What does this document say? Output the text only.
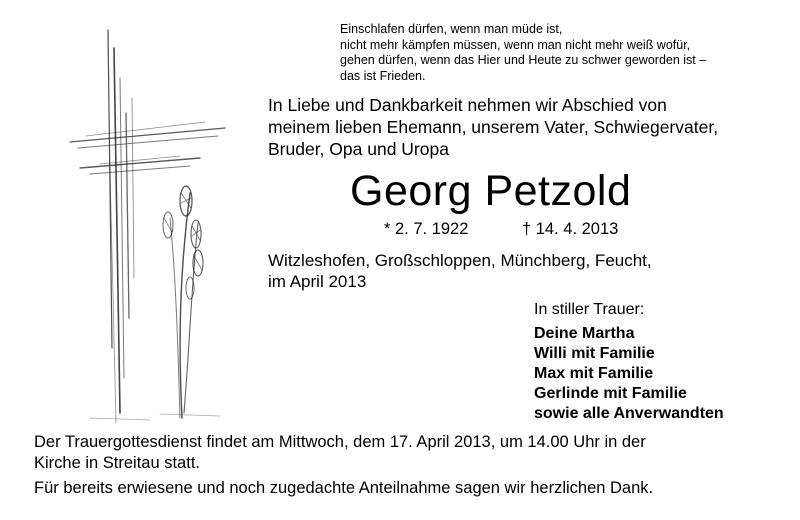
Einschlafen dürfen, wenn man müde ist,
nicht mehr kämpfen müssen, wenn man nicht mehr weiß wofür,
gehen dürfen, wenn das Hier und Heute zu schwer geworden ist –
das ist Frieden.
In Liebe und Dankbarkeit nehmen wir Abschied von
meinem lieben Ehemann, unserem Vater, Schwiegervater,
Bruder, Opa und Uropa
Georg Petzold
* 2. 7. 1922	† 14. 4. 2013
Witzleshofen, Großschloppen, Münchberg, Feucht,
im April 2013
In stiller Trauer:
Deine Martha
Willi mit Familie
Max mit Familie
Gerlinde mit Familie
sowie alle Anverwandten
Der Trauergottesdienst findet am Mittwoch, dem 17. April 2013, um 14.00 Uhr in der
Kirche in Streitau statt.
Für bereits erwiesene und noch zugedachte Anteilnahme sagen wir herzlichen Dank.
